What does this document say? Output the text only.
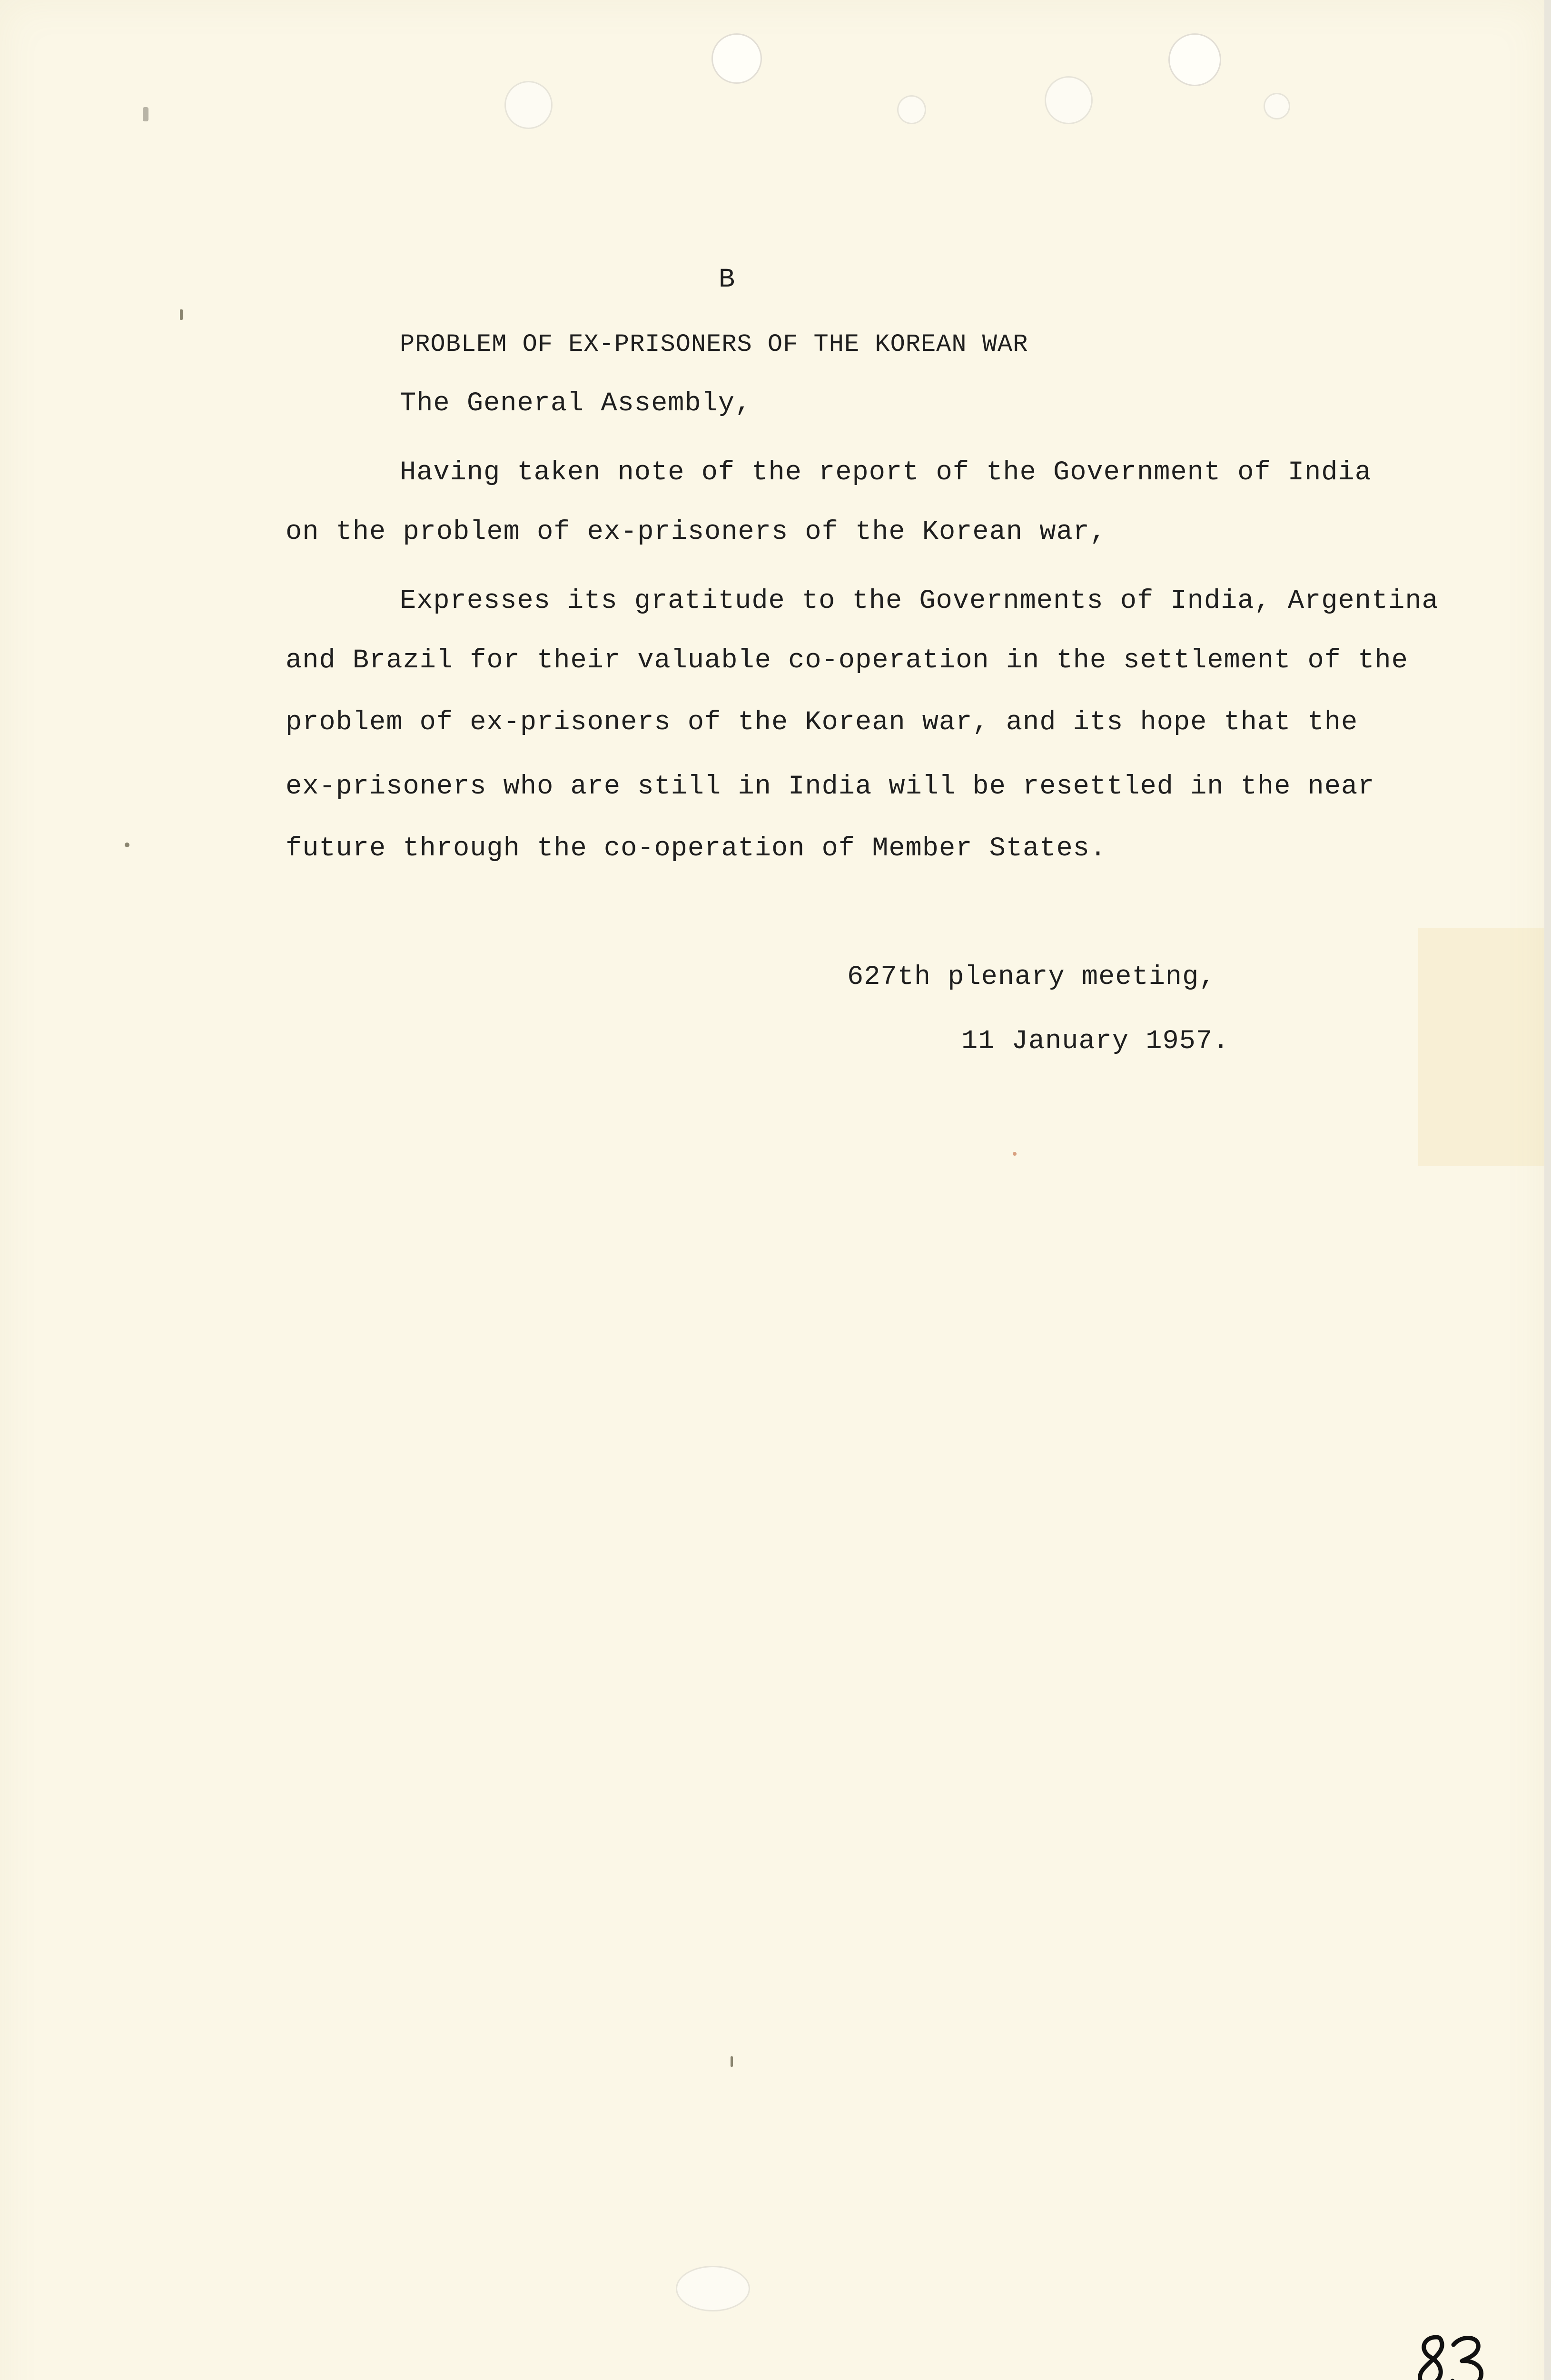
B

PROBLEM OF EX-PRISONERS OF THE KOREAN WAR

The General Assembly,

Having taken note of the report of the Government of India

on the problem of ex-prisoners of the Korean war,

Expresses its gratitude to the Governments of India, Argentina

and Brazil for their valuable co-operation in the settlement of the

problem of ex-prisoners of the Korean war, and its hope that the

ex-prisoners who are still in India will be resettled in the near

future through the co-operation of Member States.

627th plenary meeting,

11 January 1957.
